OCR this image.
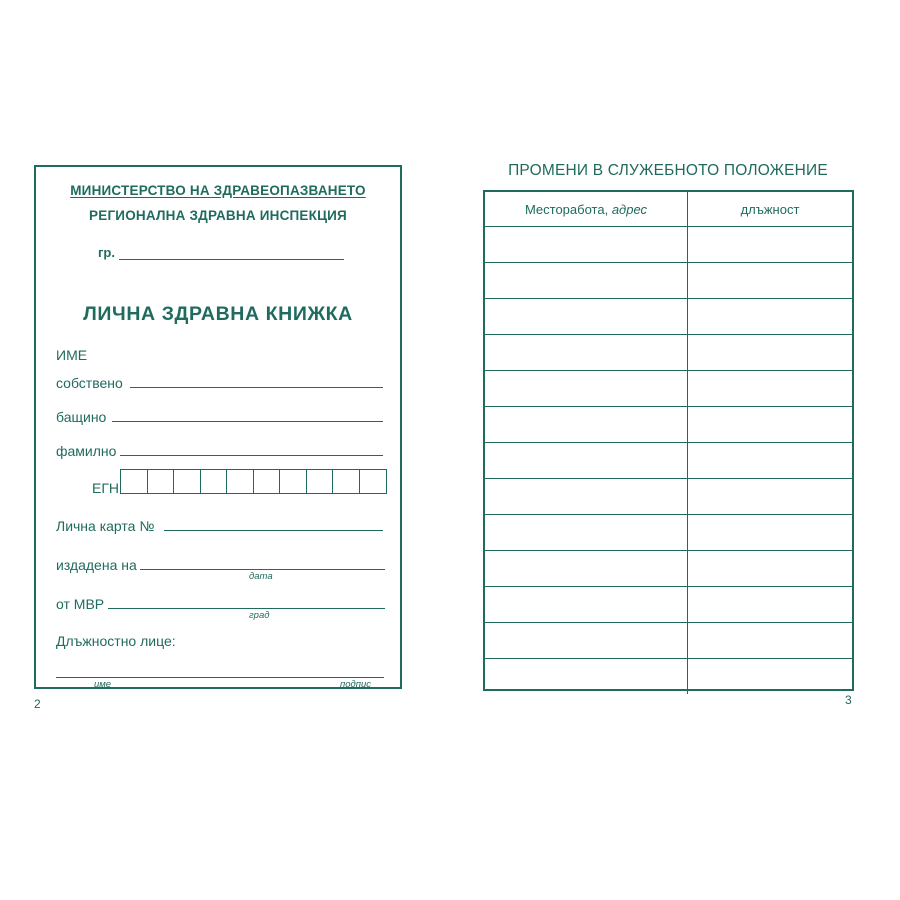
МИНИСТЕРСТВО НА ЗДРАВЕОПАЗВАНЕТО
РЕГИОНАЛНА ЗДРАВНА ИНСПЕКЦИЯ
гр.
ЛИЧНА ЗДРАВНА КНИЖКА
ИМЕ
собствено
бащино
фамилно
ЕГН
Лична карта №
издадена на
дата
от МВР
град
Длъжностно лице:
име	подпис
2
ПРОМЕНИ В СЛУЖЕБНОТО ПОЛОЖЕНИЕ
Месторабота, адрес	длъжност

3
